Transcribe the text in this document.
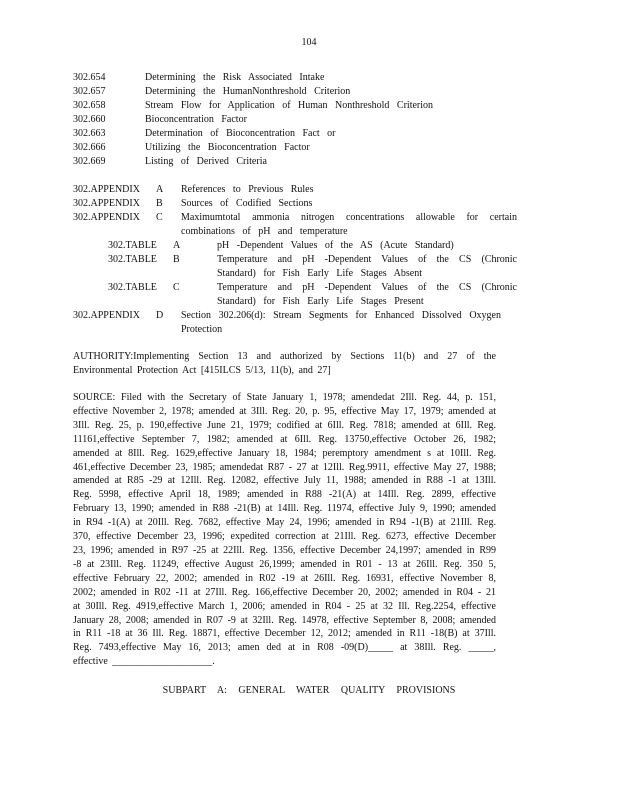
104
302.654	Determining the Risk Associated Intake
302.657	Determining the HumanNonthreshold Criterion
302.658	Stream Flow for Application of Human Nonthreshold Criterion
302.660	Bioconcentration Factor
302.663	Determination of Bioconcentration Fact or
302.666	Utilizing the Bioconcentration Factor
302.669	Listing of Derived Criteria
302.APPENDIX A References to Previous Rules
302.APPENDIX B Sources of Codified Sections
302.APPENDIX C Maximumtotal ammonia nitrogen concentrations allowable for certain combinations of pH and temperature
302.TABLE A	pH -Dependent Values of the AS (Acute Standard)
302.TABLE B	Temperature and pH -Dependent Values of the CS (Chronic Standard) for Fish Early Life Stages Absent
302.TABLE C	Temperature and pH -Dependent Values of the CS (Chronic Standard) for Fish Early Life Stages Present
302.APPENDIX D Section 302.206(d): Stream Segments for Enhanced Dissolved Oxygen Protection
AUTHORITY:Implementing Section 13 and authorized by Sections 11(b) and 27 of the Environmental Protection Act [415ILCS 5/13, 11(b), and 27]
SOURCE: Filed with the Secretary of State January 1, 1978; amendedat 2Ill. Reg. 44, p. 151, effective November 2, 1978; amended at 3Ill. Reg. 20, p. 95, effective May 17, 1979; amended at 3Ill. Reg. 25, p. 190,effective June 21, 1979; codified at 6Ill. Reg. 7818; amended at 6Ill. Reg. 11161,effective September 7, 1982; amended at 6Ill. Reg. 13750,effective October 26, 1982; amended at 8Ill. Reg. 1629,effective January 18, 1984; peremptory amendment s at 10Ill. Reg. 461,effective December 23, 1985; amendedat R87 - 27 at 12Ill. Reg.9911, effective May 27, 1988; amended at R85 -29 at 12Ill. Reg. 12082, effective July 11, 1988; amended in R88 -1 at 13Ill. Reg. 5998, effective April 18, 1989; amended in R88 -21(A) at 14Ill. Reg. 2899, effective February 13, 1990; amended in R88 -21(B) at 14Ill. Reg. 11974, effective July 9, 1990; amended in R94 -1(A) at 20Ill. Reg. 7682, effective May 24, 1996; amended in R94 -1(B) at 21Ill. Reg. 370, effective December 23, 1996; expedited correction at 21Ill. Reg. 6273, effective December 23, 1996; amended in R97 -25 at 22Ill. Reg. 1356, effective December 24,1997; amended in R99 -8 at 23Ill. Reg. 11249, effective August 26,1999; amended in R01 - 13 at 26Ill. Reg. 350 5, effective February 22, 2002; amended in R02 -19 at 26Ill. Reg. 16931, effective November 8, 2002; amended in R02 -11 at 27Ill. Reg. 166,effective December 20, 2002; amended in R04 - 21 at 30Ill. Reg. 4919,effective March 1, 2006; amended in R04 - 25 at 32 Ill. Reg.2254, effective January 28, 2008; amended in R07 -9 at 32Ill. Reg. 14978, effective September 8, 2008; amended in R11 -18 at 36 Ill. Reg. 18871, effective December 12, 2012; amended in R11 -18(B) at 37Ill. Reg. 7493,effective May 16, 2013; amen ded at in R08 -09(D)_____ at 38Ill. Reg. _____, effective ____________________.
SUBPART A: GENERAL WATER QUALITY PROVISIONS
